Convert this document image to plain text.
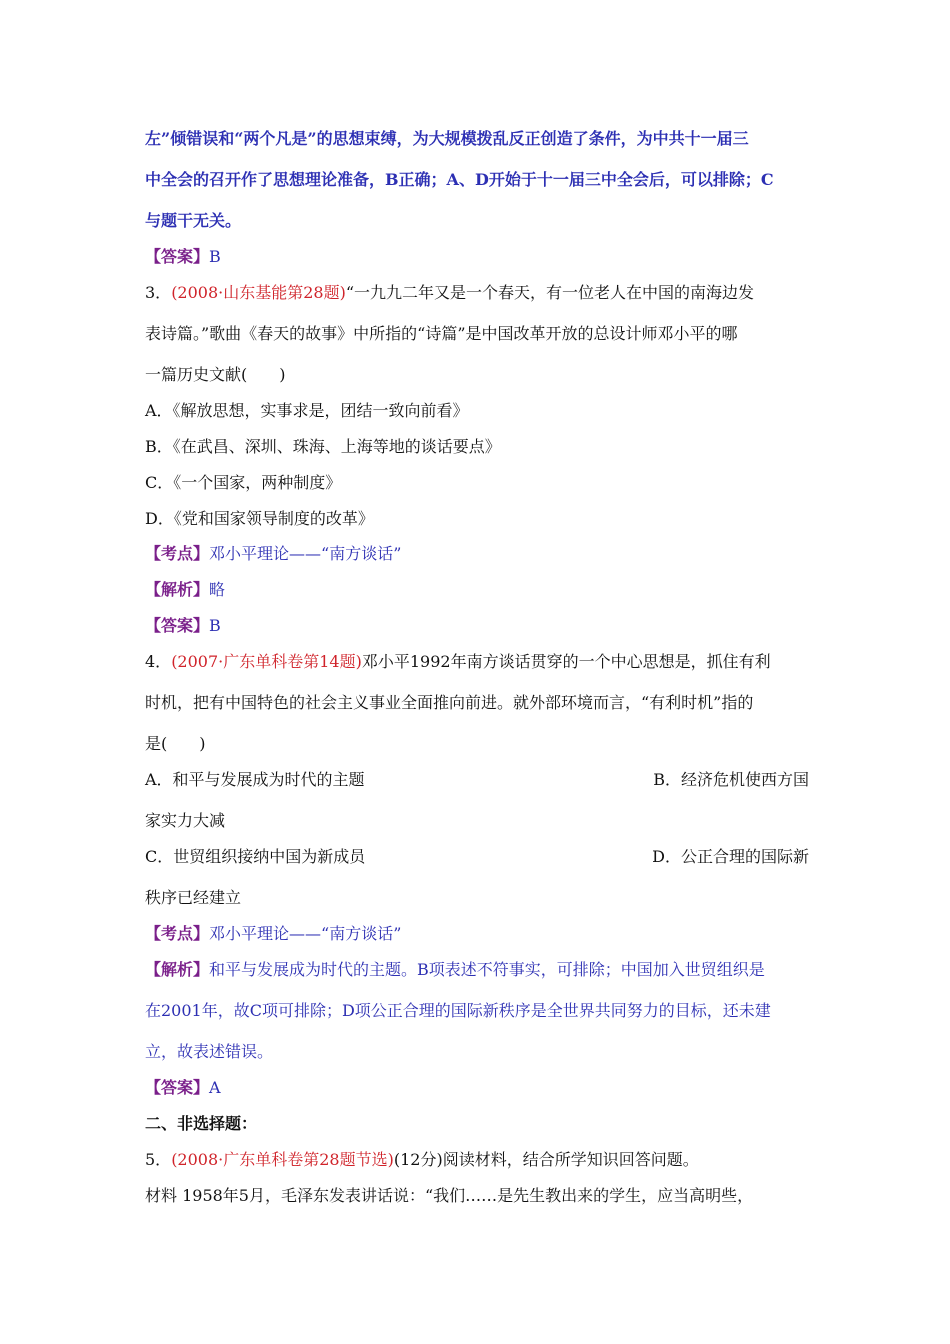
左”倾错误和“两个凡是”的思想束缚，为大规模拨乱反正创造了条件，为中共十一届三
中全会的召开作了思想理论准备，B正确；A、D开始于十一届三中全会后，可以排除；C
与题干无关。
【答案】B
3．(2008·山东基能第28题)“一九九二年又是一个春天，有一位老人在中国的南海边发
表诗篇。”歌曲《春天的故事》中所指的“诗篇”是中国改革开放的总设计师邓小平的哪
一篇历史文献(　　)
A．《解放思想，实事求是，团结一致向前看》
B．《在武昌、深圳、珠海、上海等地的谈话要点》
C．《一个国家，两种制度》
D．《党和国家领导制度的改革》
【考点】邓小平理论——“南方谈话”
【解析】略
【答案】B
4．(2007·广东单科卷第14题)邓小平1992年南方谈话贯穿的一个中心思想是，抓住有利
时机，把有中国特色的社会主义事业全面推向前进。就外部环境而言，“有利时机”指的
是(　　)
A．和平与发展成为时代的主题	B．经济危机使西方国
家实力大减
C．世贸组织接纳中国为新成员	D．公正合理的国际新
秩序已经建立
【考点】邓小平理论——“南方谈话”
【解析】和平与发展成为时代的主题。B项表述不符事实，可排除；中国加入世贸组织是
在2001年，故C项可排除；D项公正合理的国际新秩序是全世界共同努力的目标，还未建
立，故表述错误。
【答案】A
二、非选择题：
5．(2008·广东单科卷第28题节选)(12分)阅读材料，结合所学知识回答问题。
材料 1958年5月，毛泽东发表讲话说：“我们……是先生教出来的学生，应当高明些，
